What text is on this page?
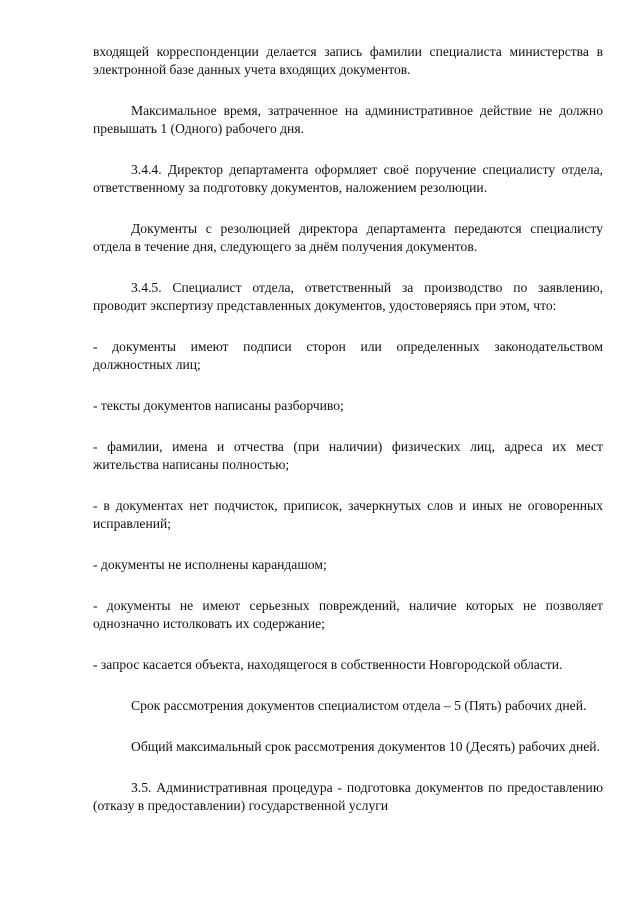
входящей корреспонденции делается запись фамилии специалиста министерства в электронной базе данных учета входящих документов.

Максимальное время, затраченное на административное действие не должно превышать 1 (Одного) рабочего дня.

3.4.4. Директор департамента оформляет своё поручение специалисту отдела, ответственному за подготовку документов, наложением резолюции.

Документы с резолюцией директора департамента передаются специалисту отдела в течение дня, следующего за днём получения документов.

3.4.5. Специалист отдела, ответственный за производство по заявлению, проводит экспертизу представленных документов, удостоверяясь при этом, что:

- документы имеют подписи сторон или определенных законодательством должностных лиц;

- тексты документов написаны разборчиво;

- фамилии, имена и отчества (при наличии) физических лиц, адреса их мест жительства написаны полностью;

- в документах нет подчисток, приписок, зачеркнутых слов и иных не оговоренных исправлений;

- документы не исполнены карандашом;

- документы не имеют серьезных повреждений, наличие которых не позволяет однозначно истолковать их содержание;

- запрос касается объекта, находящегося в собственности Новгородской области.

Срок рассмотрения документов специалистом отдела – 5 (Пять) рабочих дней.

Общий максимальный срок рассмотрения документов 10 (Десять) рабочих дней.

3.5. Административная процедура - подготовка документов по предоставлению (отказу в предоставлении) государственной услуги
